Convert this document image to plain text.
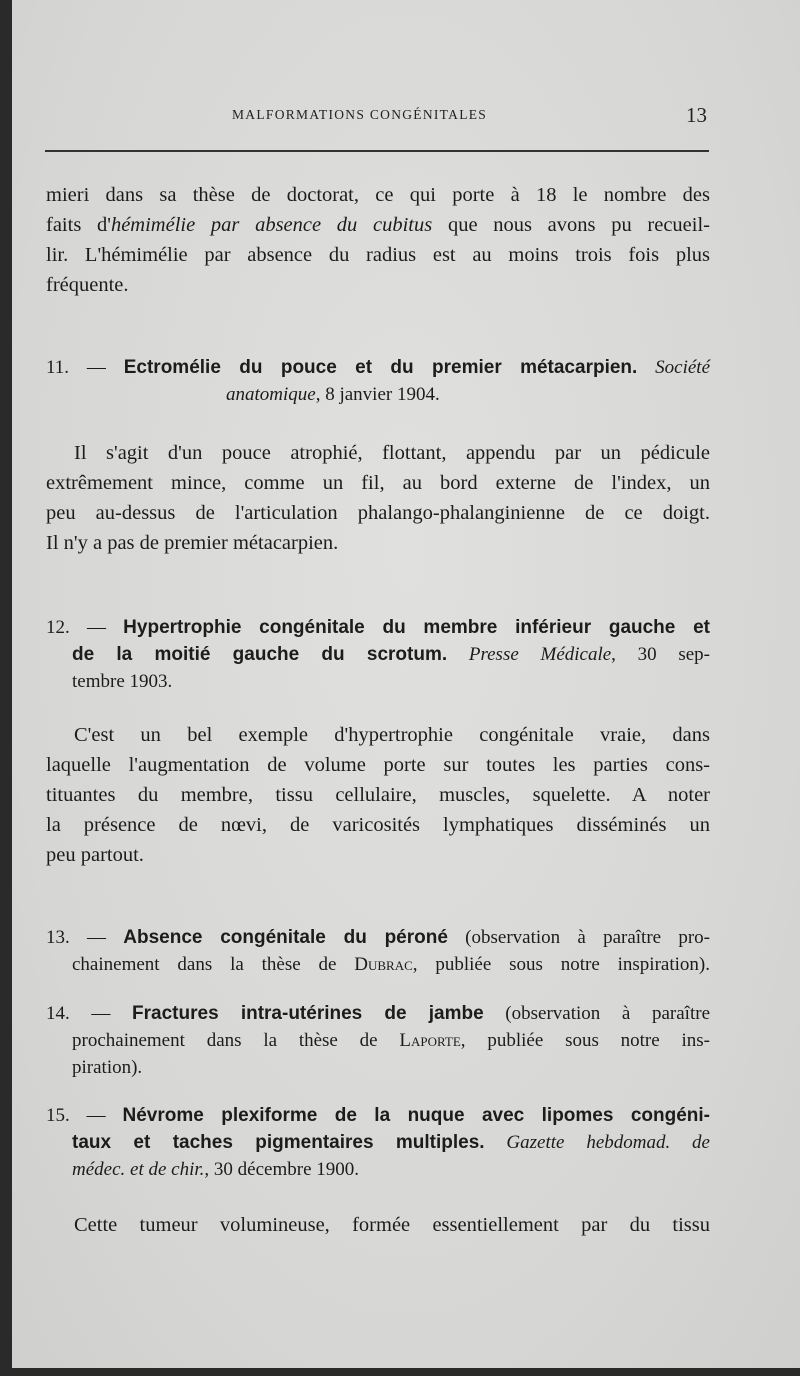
MALFORMATIONS CONGÉNITALES	13
mieri dans sa thèse de doctorat, ce qui porte à 18 le nombre des
faits d'hémimélie par absence du cubitus que nous avons pu recueil-
lir. L'hémimélie par absence du radius est au moins trois fois plus
fréquente.
11. — Ectromélie du pouce et du premier métacarpien. Société
anatomique, 8 janvier 1904.
Il s'agit d'un pouce atrophié, flottant, appendu par un pédicule
extrêmement mince, comme un fil, au bord externe de l'index, un
peu au-dessus de l'articulation phalango-phalanginienne de ce doigt.
Il n'y a pas de premier métacarpien.
12. — Hypertrophie congénitale du membre inférieur gauche et
de la moitié gauche du scrotum. Presse Médicale, 30 sep-
tembre 1903.
C'est un bel exemple d'hypertrophie congénitale vraie, dans
laquelle l'augmentation de volume porte sur toutes les parties cons-
tituantes du membre, tissu cellulaire, muscles, squelette. A noter
la présence de nœvi, de varicosités lymphatiques disséminés un
peu partout.
13. — Absence congénitale du péroné (observation à paraître pro-
chainement dans la thèse de Dubrac, publiée sous notre inspiration).
14. — Fractures intra-utérines de jambe (observation à paraître
prochainement dans la thèse de Laporte, publiée sous notre ins-
piration).
15. — Névrome plexiforme de la nuque avec lipomes congéni-
taux et taches pigmentaires multiples. Gazette hebdomad. de
médec. et de chir., 30 décembre 1900.
Cette tumeur volumineuse, formée essentiellement par du tissu
